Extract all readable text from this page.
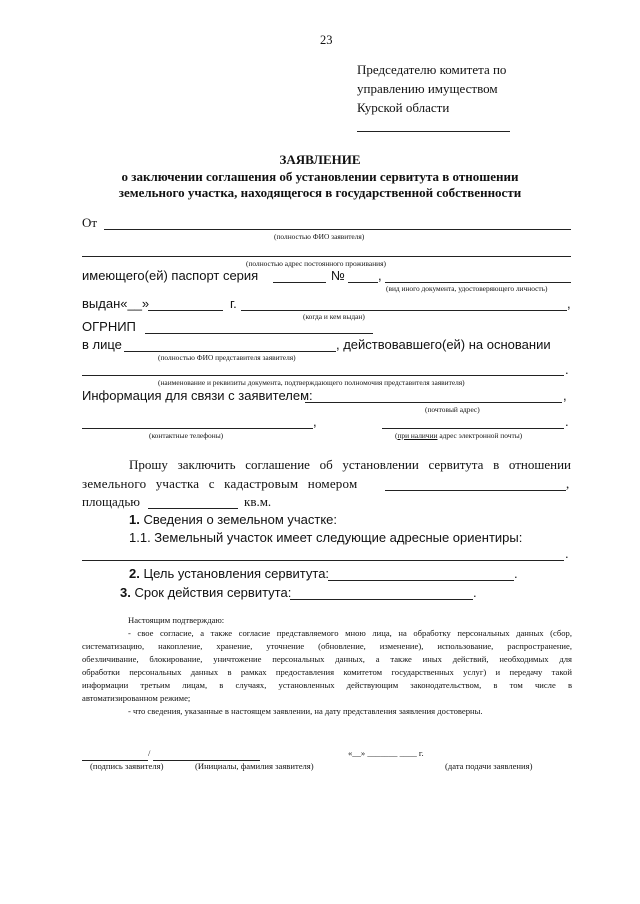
23
Председателю комитета по
управлению имуществом
Курской области
ЗАЯВЛЕНИЕ
о заключении соглашения об установлении сервитута в отношении
земельного участка, находящегося в государственной собственности
От
(полностью ФИО заявителя)
(полностью адрес постоянного проживания)
имеющего(ей) паспорт серия	№	,
(вид иного документа, удостоверяющего личность)
выдан«__»	г.	,
(когда и кем выдан)
ОГРНИП
в лице	, действовавшего(ей) на основании
(полностью ФИО представителя заявителя)
.
(наименование и реквизиты документа, подтверждающего полномочия представителя заявителя)
Информация для связи с заявителем:	,
(почтовый адрес)
,	.
(контактные телефоны)	(при наличии адрес электронной почты)
Прошу заключить соглашение об установлении сервитута в отношении
земельного участка с кадастровым номером	,
площадью	кв.м.
1. Сведения о земельном участке:
1.1. Земельный участок имеет следующие адресные ориентиры:
.
2. Цель установления сервитута:	.
3. Срок действия сервитута:	.
Настоящим подтверждаю:
- свое согласие, а также согласие представляемого мною лица, на обработку персональных данных (сбор,
систематизацию, накопление, хранение, уточнение (обновление, изменение), использование, распространение,
обезличивание, блокирование, уничтожение персональных данных, а также иных действий, необходимых для
обработки персональных данных в рамках предоставления комитетом государственных услуг) и передачу такой
информации третьим лицам, в случаях, установленных действующим законодательством, в том числе в
автоматизированном режиме;
- что сведения, указанные в настоящем заявлении, на дату представления заявления достоверны.
/	«__» _______ ____ г.
(подпись заявителя)	(Инициалы, фамилия заявителя)	(дата подачи заявления)
